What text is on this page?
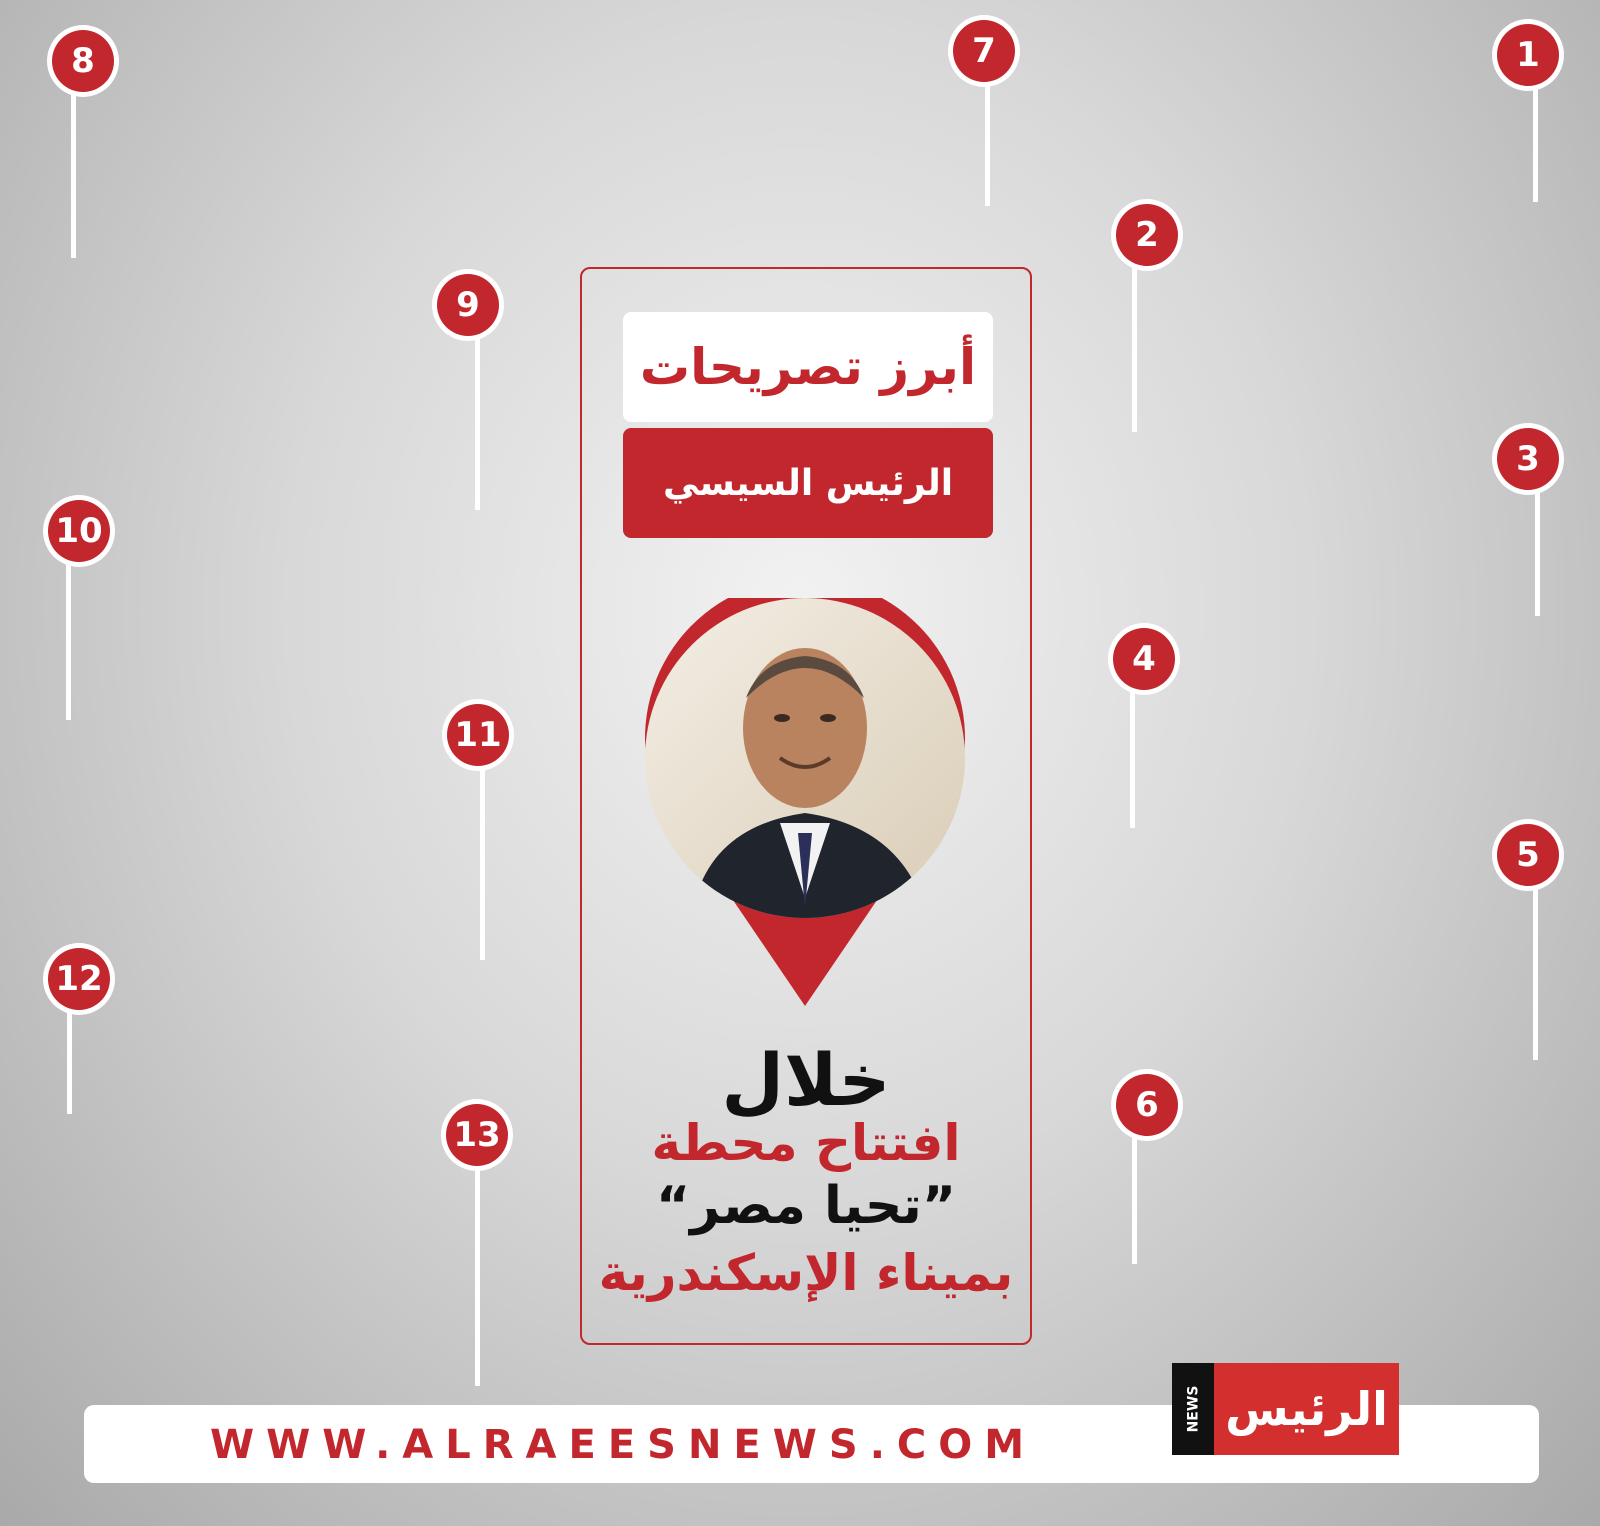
1
2
3
4
5
6
7
8
9
10
11
12
13
أبرز تصريحات
الرئيس السيسي
خلال
افتتاح محطة
”تحيا مصر“
بميناء الإسكندرية
WWW.ALRAEESNEWS.COM
NEWS الرئيس
